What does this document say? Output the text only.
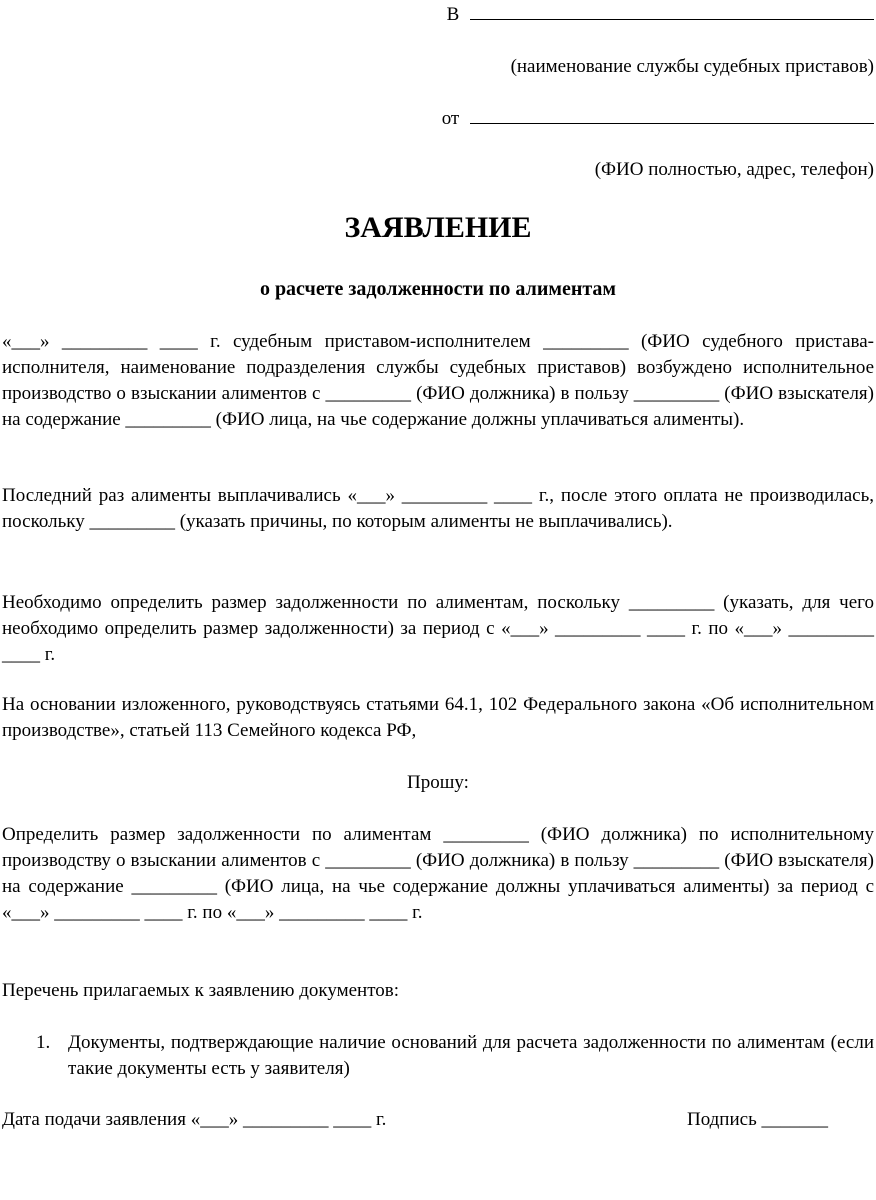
В
(наименование службы судебных приставов)
от
(ФИО полностью, адрес, телефон)
ЗАЯВЛЕНИЕ
о расчете задолженности по алиментам

«___» _________ ____ г. судебным приставом-исполнителем _________ (ФИО судебного пристава-исполнителя, наименование подразделения службы судебных приставов) возбуждено исполнительное производство о взыскании алиментов с _________ (ФИО должника) в пользу _________ (ФИО взыскателя) на содержание _________ (ФИО лица, на чье содержание должны уплачиваться алименты).

Последний раз алименты выплачивались «___» _________ ____ г., после этого оплата не производилась, поскольку _________ (указать причины, по которым алименты не выплачивались).

Необходимо определить размер задолженности по алиментам, поскольку _________ (указать, для чего необходимо определить размер задолженности) за период с «___» _________ ____ г. по «___» _________ ____ г.

На основании изложенного, руководствуясь статьями 64.1, 102 Федерального закона «Об исполнительном производстве», статьей 113 Семейного кодекса РФ,

Прошу:

Определить размер задолженности по алиментам _________ (ФИО должника) по исполнительному производству о взыскании алиментов с _________ (ФИО должника) в пользу _________ (ФИО взыскателя) на содержание _________ (ФИО лица, на чье содержание должны уплачиваться алименты) за период с «___» _________ ____ г. по «___» _________ ____ г.

Перечень прилагаемых к заявлению документов:

1. Документы, подтверждающие наличие оснований для расчета задолженности по алиментам (если такие документы есть у заявителя)
Дата подачи заявления «___» _________ ____ г.	Подпись _______
